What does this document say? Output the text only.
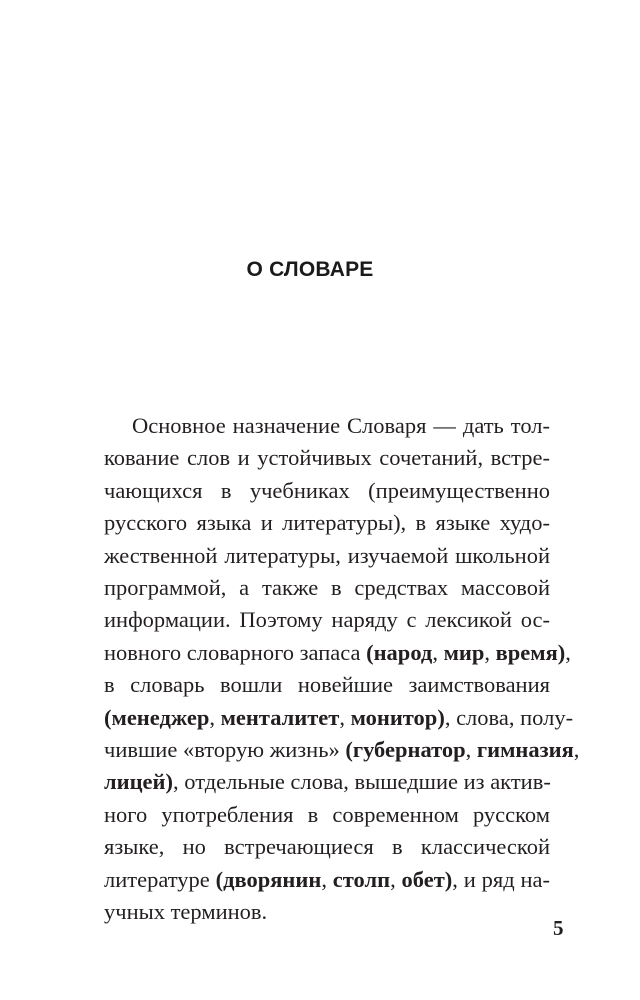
О СЛОВАРЕ
Основное назначение Словаря — дать тол-
кование слов и устойчивых сочетаний, встре-
чающихся в учебниках (преимущественно
русского языка и литературы), в языке худо-
жественной литературы, изучаемой школьной
программой, а также в средствах массовой
информации. Поэтому наряду с лексикой ос-
новного словарного запаса (народ, мир, время),
в словарь вошли новейшие заимствования
(менеджер, менталитет, монитор), слова, полу-
чившие «вторую жизнь» (губернатор, гимназия,
лицей), отдельные слова, вышедшие из актив-
ного употребления в современном русском
языке, но встречающиеся в классической
литературе (дворянин, столп, обет), и ряд на-
учных терминов.
5
